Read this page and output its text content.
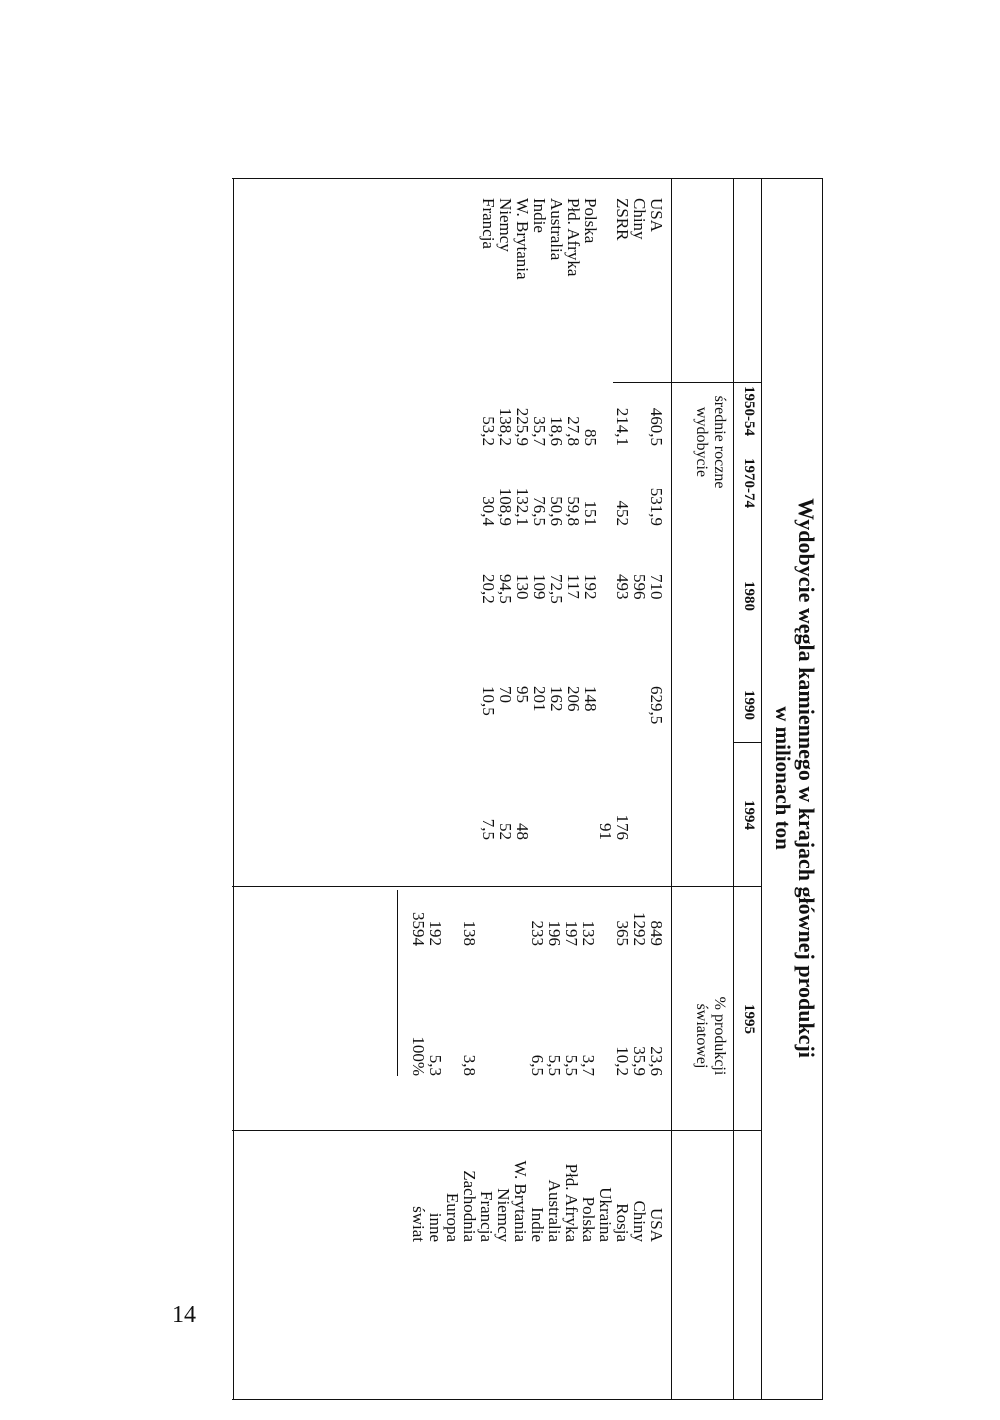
14
Wydobycie węgla kamiennego w krajach głównej produkcji
w milionach ton
1950-54
1970-74
1980
1990
1994
1995
średnie roczne
wydobycie
% produkcji
światowej
USA
Chiny
ZSRR
Polska
Płd. Afryka
Australia
Indie
W. Brytania
Niemcy
Francja
460,5
214,1
85
27,8
18,6
35,7
225,9
138,2
53,2
531,9
452
151
59,8
50,6
76,5
132,1
108,9
30,4
710
596
493
192
117
72,5
109
130
94,5
20,2
629,5
148
206
162
201
95
70
10,5
176
91
48
52
7,5
849
1292
365
132
197
196
233
138
192
3594
23,6
35,9
10,2
3,7
5,5
5,5
6,5
3,8
5,3
100%
USA
Chiny
Rosja
Ukraina
Polska
Płd. Afryka
Australia
Indie
W. Brytania
Niemcy
Francja
Zachodnia
Europa
inne
świat
